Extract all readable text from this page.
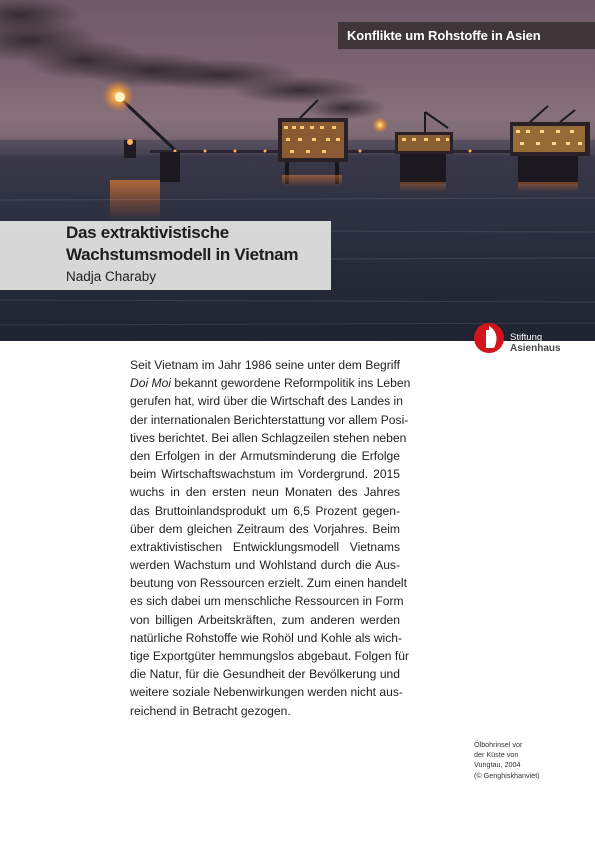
Konflikte um Rohstoffe in Asien
Das extraktivistische
Wachstumsmodell in Vietnam
Nadja Charaby
Stiftung
Asienhaus
Seit Vietnam im Jahr 1986 seine unter dem Begriff
Doi Moi bekannt gewordene Reformpolitik ins Leben
gerufen hat, wird über die Wirtschaft des Landes in
der internationalen Berichterstattung vor allem Posi-
tives berichtet. Bei allen Schlagzeilen stehen neben
den Erfolgen in der Armutsminderung die Erfolge
beim Wirtschaftswachstum im Vordergrund. 2015
wuchs in den ersten neun Monaten des Jahres
das Bruttoinlandsprodukt um 6,5 Prozent gegen-
über dem gleichen Zeitraum des Vorjahres. Beim
extraktivistischen Entwicklungsmodell Vietnams
werden Wachstum und Wohlstand durch die Aus-
beutung von Ressourcen erzielt. Zum einen handelt
es sich dabei um menschliche Ressourcen in Form
von billigen Arbeitskräften, zum anderen werden
natürliche Rohstoffe wie Rohöl und Kohle als wich-
tige Exportgüter hemmungslos abgebaut. Folgen für
die Natur, für die Gesundheit der Bevölkerung und
weitere soziale Nebenwirkungen werden nicht aus-
reichend in Betracht gezogen.
Ölbohrinsel vor
der Küste von
Vungtau, 2004
(© Genghiskhanviet)
